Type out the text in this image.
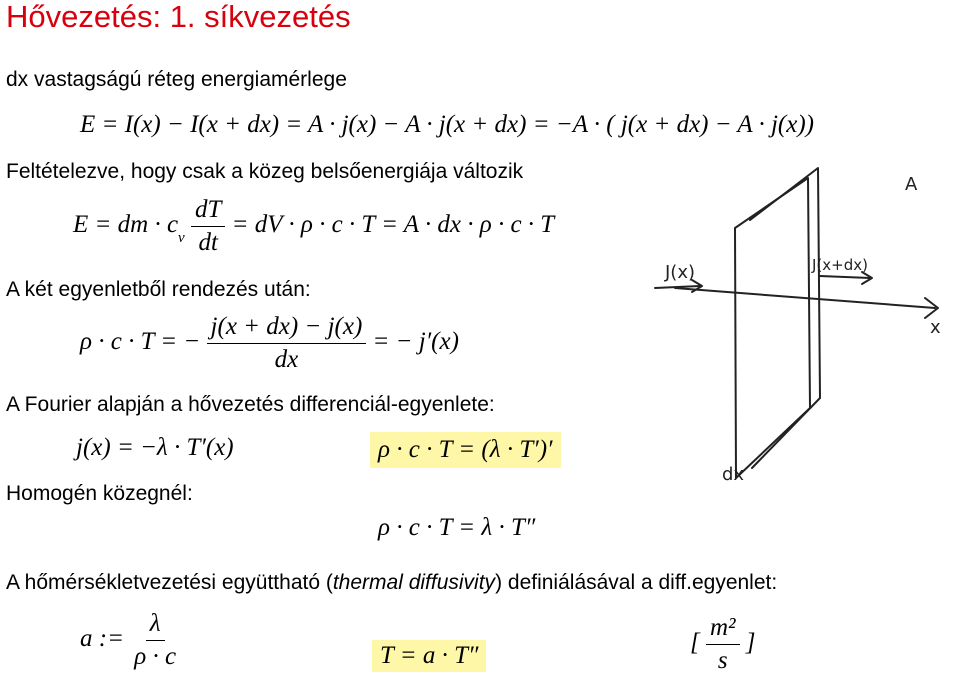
Hővezetés: 1. síkvezetés
dx vastagságú réteg energiamérlege
E = I(x) − I(x + dx) = A · j(x) − A · j(x + dx) = −A · ( j(x + dx) − A · j(x))
Feltételezve, hogy csak a közeg belsőenergiája változik
E = dm · $c_v \frac{dT}{dt}$ = dV · ρ · c · T = A · dx · ρ · c · T
A két egyenletből rendezés után:
ρ · c · T = − $\frac{j(x + dx) - j(x)}{dx}$ = − j′(x)
A Fourier alapján a hővezetés differenciál-egyenlete:
j(x) = −λ · T′(x)	ρ · c · T = (λ · T′)′
Homogén közegnél:
ρ · c · T = λ · T″
A hőmérsékletvezetési együttható (thermal diffusivity) definiálásával a diff.egyenlet:
a := $\frac{\lambda}{\rho \cdot c}$	T = a · T″	[ $\frac{\text{m²}}{s}$ ]
A
J(x)	J(x+dx)
x
dx
